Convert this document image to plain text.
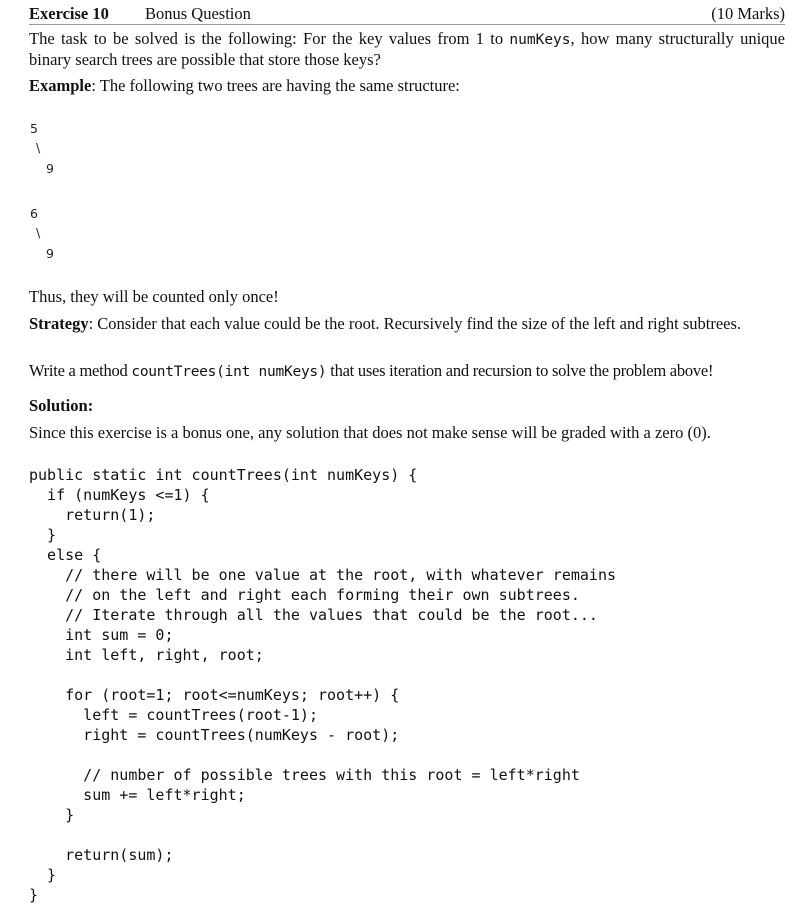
Exercise 10 Bonus Question	(10 Marks)
The task to be solved is the following: For the key values from 1 to numKeys, how many structurally unique binary search trees are possible that store those keys?
Example: The following two trees are having the same structure:
5
\
9
6
\
9
Thus, they will be counted only once!
Strategy: Consider that each value could be the root. Recursively find the size of the left and right subtrees.
Write a method countTrees(int numKeys) that uses iteration and recursion to solve the problem above!
Solution:
Since this exercise is a bonus one, any solution that does not make sense will be graded with a zero (0).
public static int countTrees(int numKeys) {
if (numKeys <=1) {
return(1);
}
else {
// there will be one value at the root, with whatever remains
// on the left and right each forming their own subtrees.
// Iterate through all the values that could be the root...
int sum = 0;
int left, right, root;

for (root=1; root<=numKeys; root++) {
left = countTrees(root-1);
right = countTrees(numKeys - root);

// number of possible trees with this root = left*right
sum += left*right;
}

return(sum);
}
}
